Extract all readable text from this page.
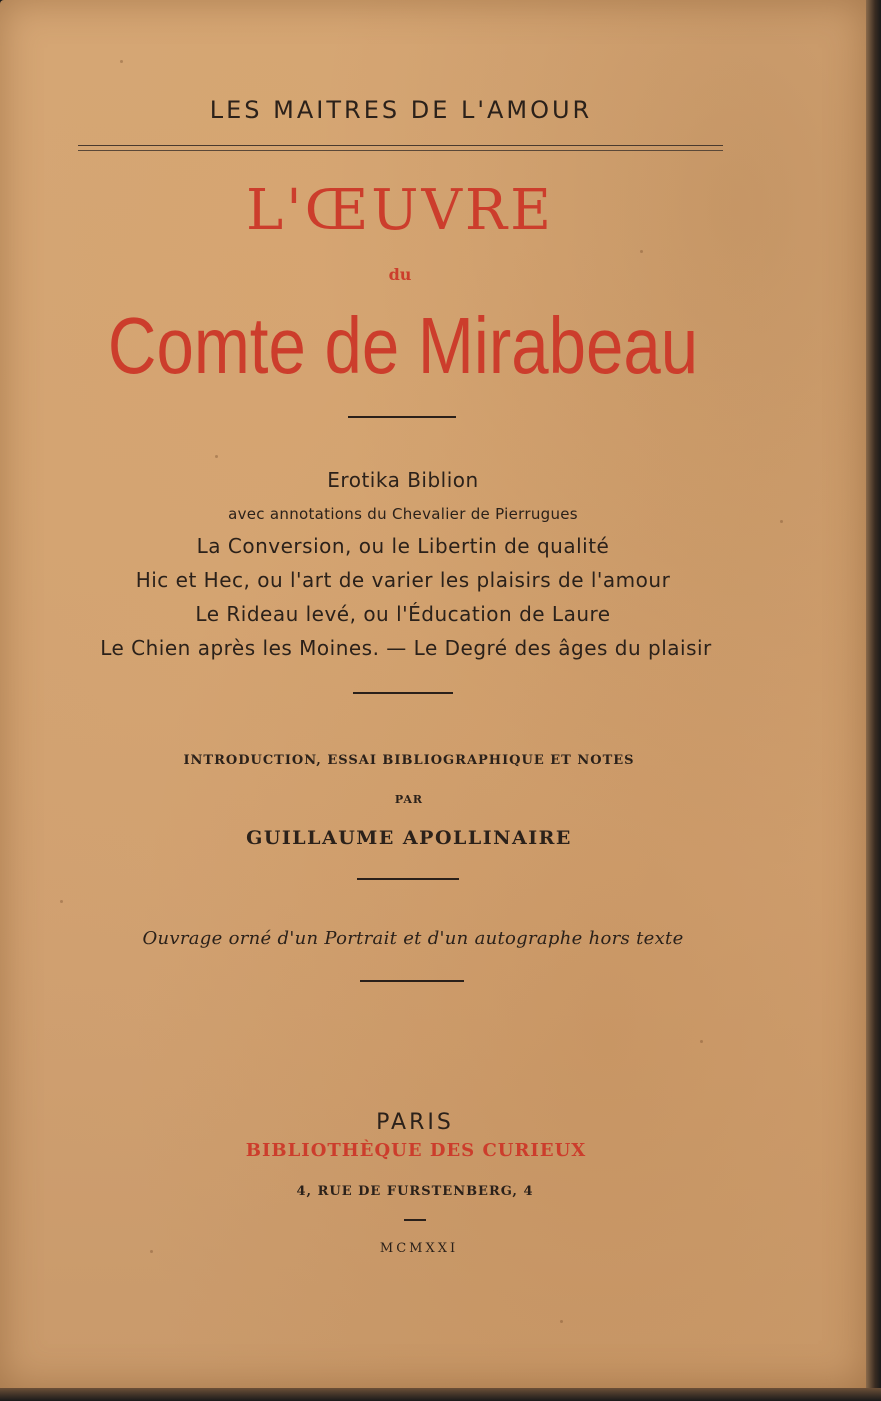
LES MAITRES DE L'AMOUR

L'ŒUVRE

du

Comte de Mirabeau

Erotika Biblion

avec annotations du Chevalier de Pierrugues

La Conversion, ou le Libertin de qualité

Hic et Hec, ou l'art de varier les plaisirs de l'amour

Le Rideau levé, ou l'Éducation de Laure

Le Chien après les Moines. — Le Degré des âges du plaisir

INTRODUCTION, ESSAI BIBLIOGRAPHIQUE ET NOTES

PAR

GUILLAUME APOLLINAIRE

Ouvrage orné d'un Portrait et d'un autographe hors texte

PARIS

BIBLIOTHÈQUE DES CURIEUX

4, RUE DE FURSTENBERG, 4

MCMXXI
